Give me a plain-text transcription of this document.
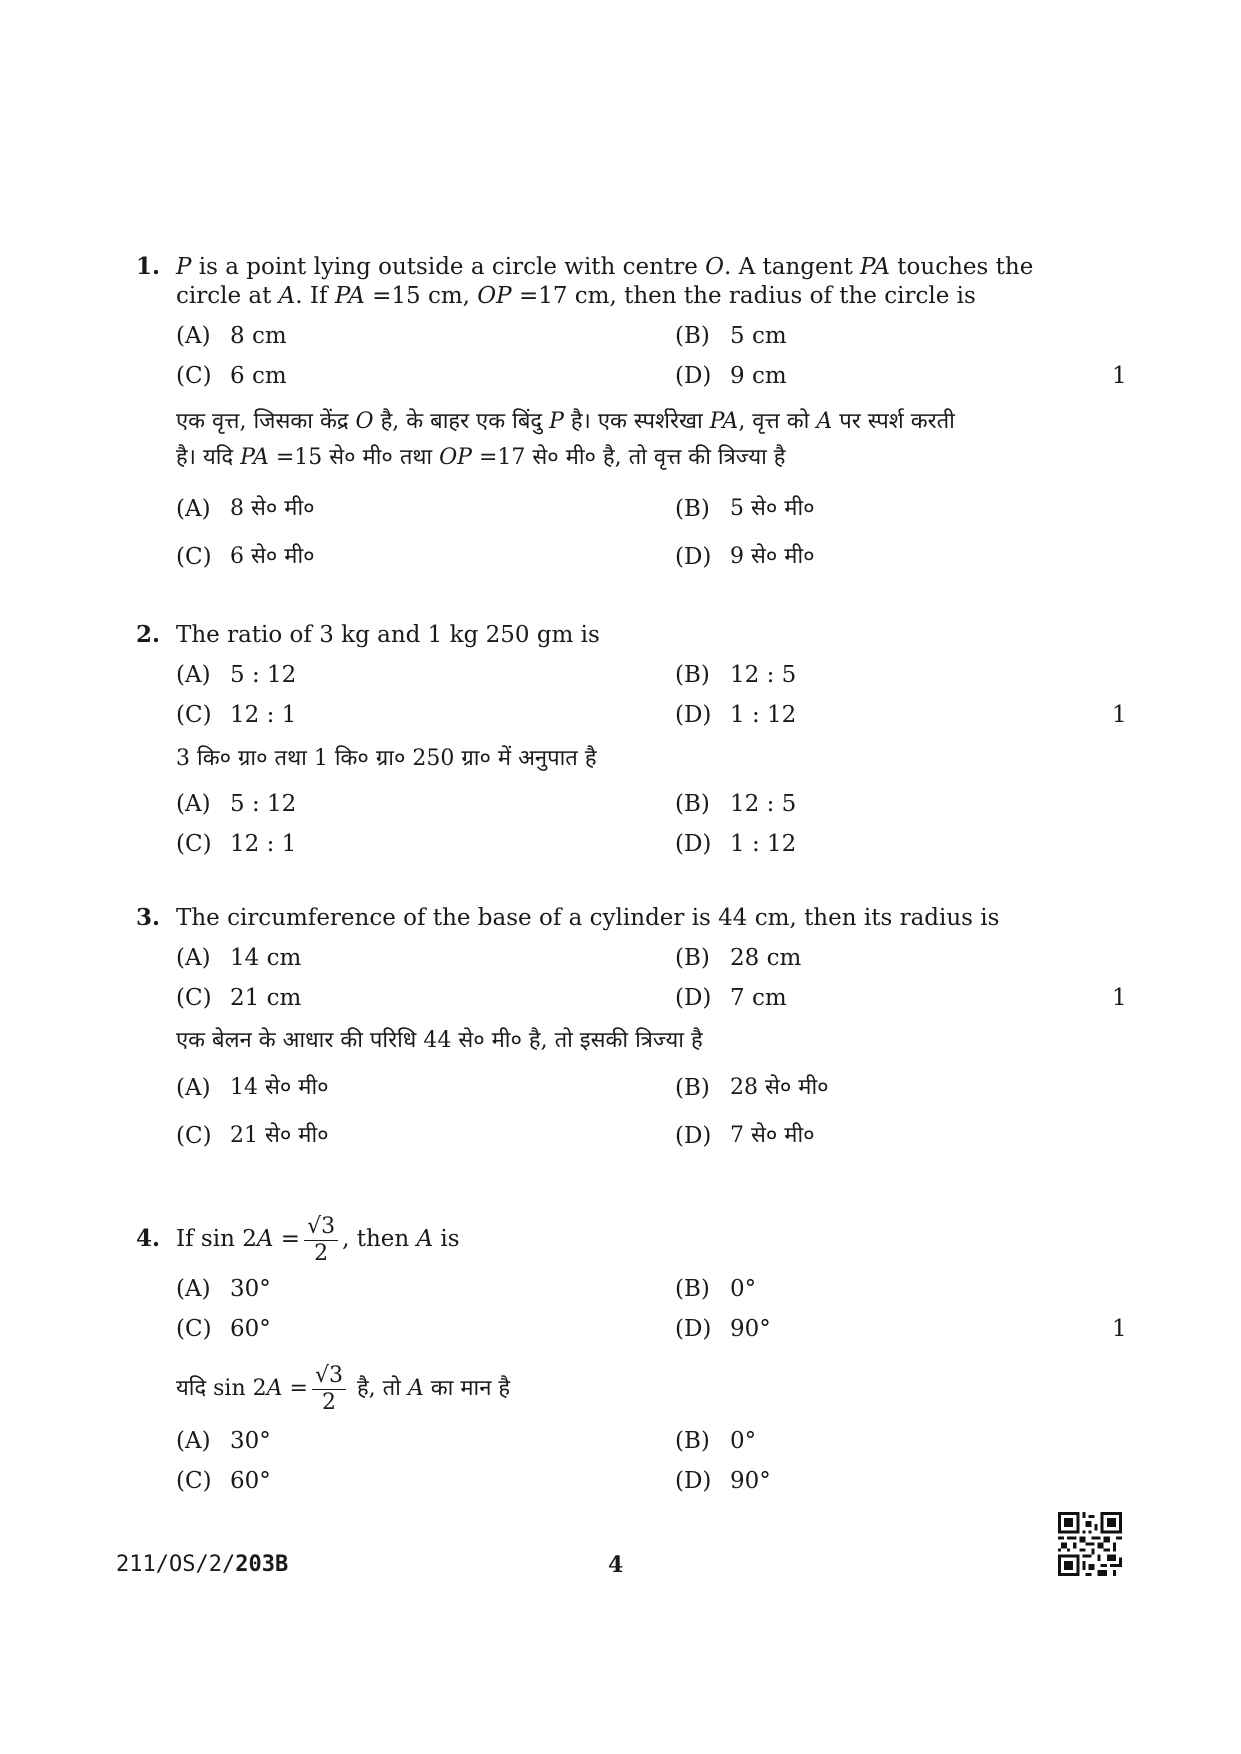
1. P is a point lying outside a circle with centre O. A tangent PA touches the
circle at A. If PA =15 cm, OP =17 cm, then the radius of the circle is
(A) 8 cm	(B) 5 cm
(C) 6 cm	(D) 9 cm	1
एक वृत्त, जिसका केंद्र O है, के बाहर एक बिंदु P है। एक स्पर्शरेखा PA, वृत्त को A पर स्पर्श करती
है। यदि PA =15 से० मी० तथा OP =17 से० मी० है, तो वृत्त की त्रिज्या है
(A) 8 से० मी०	(B) 5 से० मी०
(C) 6 से० मी०	(D) 9 से० मी०
2. The ratio of 3 kg and 1 kg 250 gm is
(A) 5 : 12	(B) 12 : 5
(C) 12 : 1	(D) 1 : 12	1
3 कि० ग्रा० तथा 1 कि० ग्रा० 250 ग्रा० में अनुपात है
(A) 5 : 12	(B) 12 : 5
(C) 12 : 1	(D) 1 : 12
3. The circumference of the base of a cylinder is 44 cm, then its radius is
(A) 14 cm	(B) 28 cm
(C) 21 cm	(D) 7 cm	1
एक बेलन के आधार की परिधि 44 से० मी० है, तो इसकी त्रिज्या है
(A) 14 से० मी०	(B) 28 से० मी०
(C) 21 से० मी०	(D) 7 से० मी०
4. If $\sin 2A = \frac{√3}{2}$ , then A is
(A) 30°	(B) 0°
(C) 60°	(D) 90°	1
यदि $\sin 2A = \frac{√3}{2}$ है, तो A का मान है
(A) 30°	(B) 0°
(C) 60°	(D) 90°
211/OS/2/203B	4
